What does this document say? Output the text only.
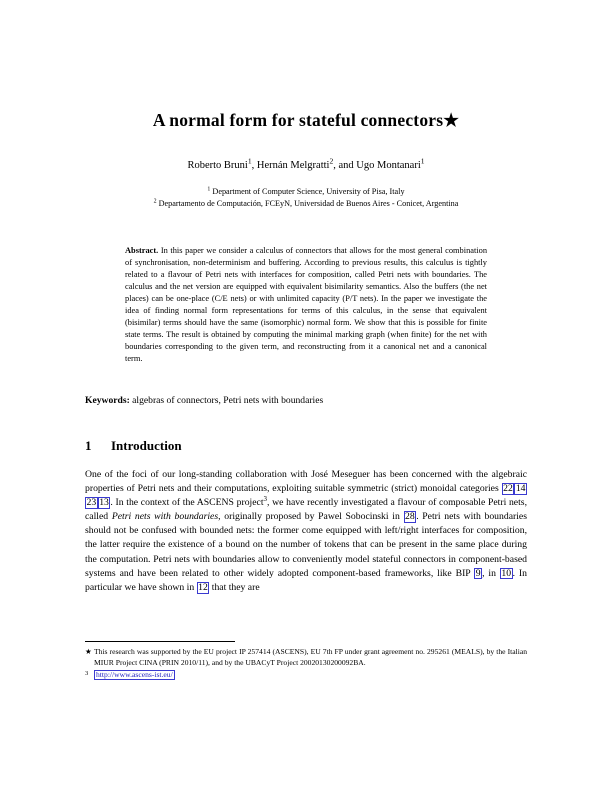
A normal form for stateful connectors★
Roberto Bruni$^1$, Hernán Melgratti$^2$, and Ugo Montanari$^1$
$^1$ Department of Computer Science, University of Pisa, Italy
$^2$ Departamento de Computación, FCEyN, Universidad de Buenos Aires - Conicet, Argentina
Abstract. In this paper we consider a calculus of connectors that allows for the most general combination of synchronisation, non-determinism and buffering. According to previous results, this calculus is tightly related to a flavour of Petri nets with interfaces for composition, called Petri nets with boundaries. The calculus and the net version are equipped with equivalent bisimilarity semantics. Also the buffers (the net places) can be one-place (C/E nets) or with unlimited capacity (P/T nets). In the paper we investigate the idea of finding normal form representations for terms of this calculus, in the sense that equivalent (bisimilar) terms should have the same (isomorphic) normal form. We show that this is possible for finite state terms. The result is obtained by computing the minimal marking graph (when finite) for the net with boundaries corresponding to the given term, and reconstructing from it a canonical net and a canonical term.
Keywords: algebras of connectors, Petri nets with boundaries
1 Introduction

One of the foci of our long-standing collaboration with José Meseguer has been concerned with the algebraic properties of Petri nets and their computations, exploiting suitable symmetric (strict) monoidal categories 22 1423 13 . In the context of the ASCENS project$^3$, we have recently investigated a flavour of composable Petri nets, called Petri nets with boundaries, originally proposed by Pawel Sobocinski in 28 . Petri nets with boundaries should not be confused with bounded nets: the former come equipped with left/right interfaces for composition, the latter require the existence of a bound on the number of tokens that can be present in the same place during the computation. Petri nets with boundaries allow to conveniently model stateful connectors in component-based systems and have been related to other widely adopted component-based frameworks, like BIP 9 , in 10 . In particular we have shown in 12 that they are

★ This research was supported by the EU project IP 257414 (ASCENS), EU 7th FP under grant agreement no. 295261 (MEALS), by the Italian MIUR Project CINA (PRIN 2010/11), and by the UBACyT Project 20020130200092BA.
3 http://www.ascens-ist.eu/
